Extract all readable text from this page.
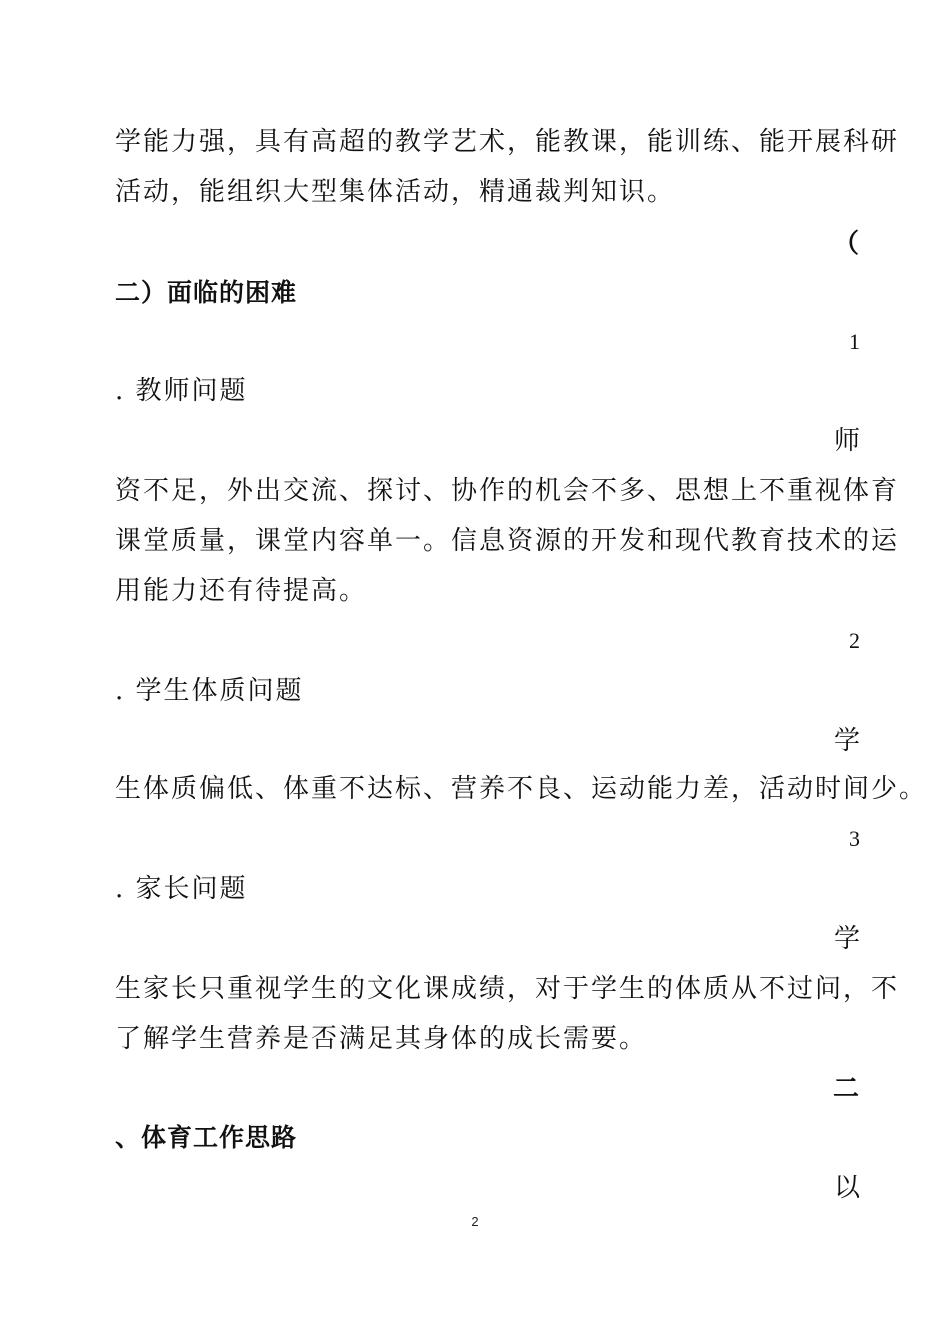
学能力强，具有高超的教学艺术，能教课，能训练、能开展科研
活动，能组织大型集体活动，精通裁判知识。
（
二）面临的困难
1
. 教师问题
师
资不足，外出交流、探讨、协作的机会不多、思想上不重视体育
课堂质量，课堂内容单一。信息资源的开发和现代教育技术的运
用能力还有待提高。
2
. 学生体质问题
学
生体质偏低、体重不达标、营养不良、运动能力差，活动时间少。
3
. 家长问题
学
生家长只重视学生的文化课成绩，对于学生的体质从不过问，不
了解学生营养是否满足其身体的成长需要。
二
、体育工作思路
以
2
